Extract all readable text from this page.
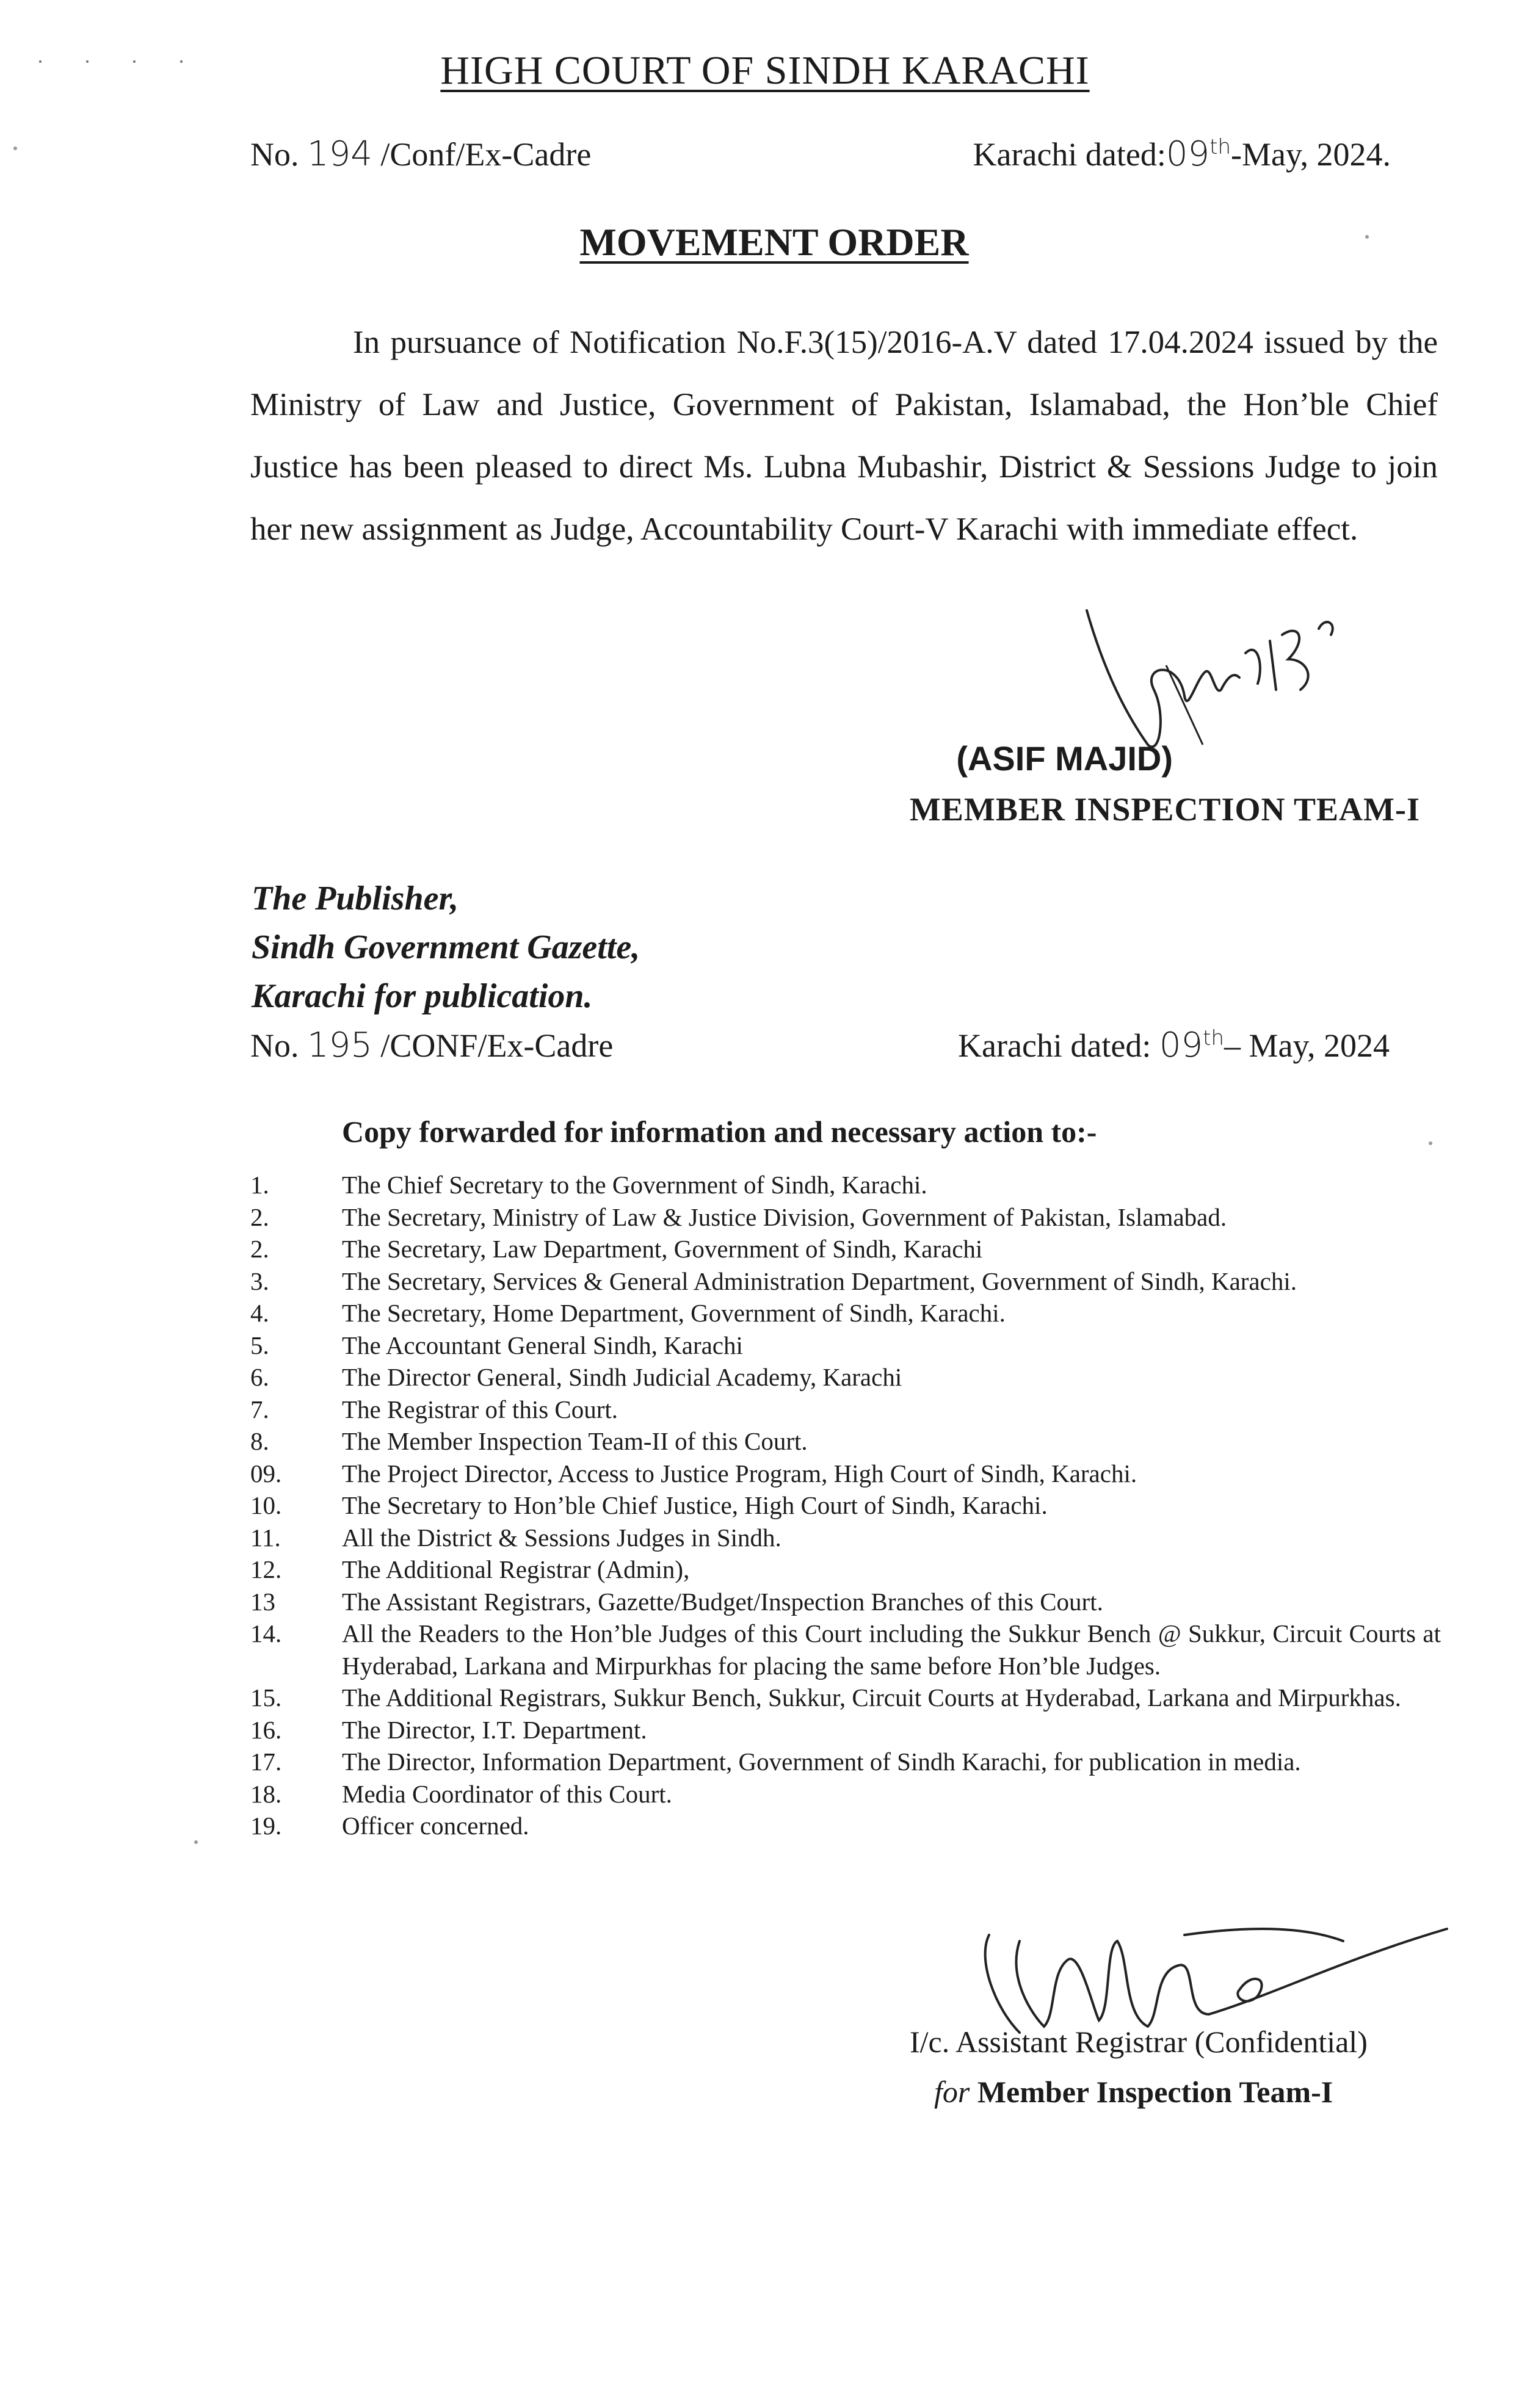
· · · ·	HIGH COURT OF SINDH KARACHI
No. 194 /Conf/Ex-Cadre	Karachi dated:09th-May, 2024.
MOVEMENT ORDER
In pursuance of Notification No.F.3(15)/2016-A.V dated 17.04.2024 issued by the Ministry of Law and Justice, Government of Pakistan, Islamabad, the Hon’ble Chief Justice has been pleased to direct Ms. Lubna Mubashir, District & Sessions Judge to join her new assignment as Judge, Accountability Court-V Karachi with immediate effect.
(ASIF MAJID)
MEMBER INSPECTION TEAM-I
The Publisher,
Sindh Government Gazette,
Karachi for publication.
No. 195 /CONF/Ex-Cadre	Karachi dated: 09th– May, 2024
Copy forwarded for information and necessary action to:-
1.	The Chief Secretary to the Government of Sindh, Karachi.
2.	The Secretary, Ministry of Law & Justice Division, Government of Pakistan, Islamabad.
2.	The Secretary, Law Department, Government of Sindh, Karachi
3.	The Secretary, Services & General Administration Department, Government of Sindh, Karachi.
4.	The Secretary, Home Department, Government of Sindh, Karachi.
5.	The Accountant General Sindh, Karachi
6.	The Director General, Sindh Judicial Academy, Karachi
7.	The Registrar of this Court.
8.	The Member Inspection Team-II of this Court.
09.	The Project Director, Access to Justice Program, High Court of Sindh, Karachi.
10.	The Secretary to Hon’ble Chief Justice, High Court of Sindh, Karachi.
11.	All the District & Sessions Judges in Sindh.
12.	The Additional Registrar (Admin),
13	The Assistant Registrars, Gazette/Budget/Inspection Branches of this Court.
14.	All the Readers to the Hon’ble Judges of this Court including the Sukkur Bench @ Sukkur, Circuit Courts at Hyderabad, Larkana and Mirpurkhas for placing the same before Hon’ble Judges.
15.	The Additional Registrars, Sukkur Bench, Sukkur, Circuit Courts at Hyderabad, Larkana and Mirpurkhas.
16.	The Director, I.T. Department.
17.	The Director, Information Department, Government of Sindh Karachi, for publication in media.
18.	Media Coordinator of this Court.
19.	Officer concerned.
I/c. Assistant Registrar (Confidential)
for Member Inspection Team-I
